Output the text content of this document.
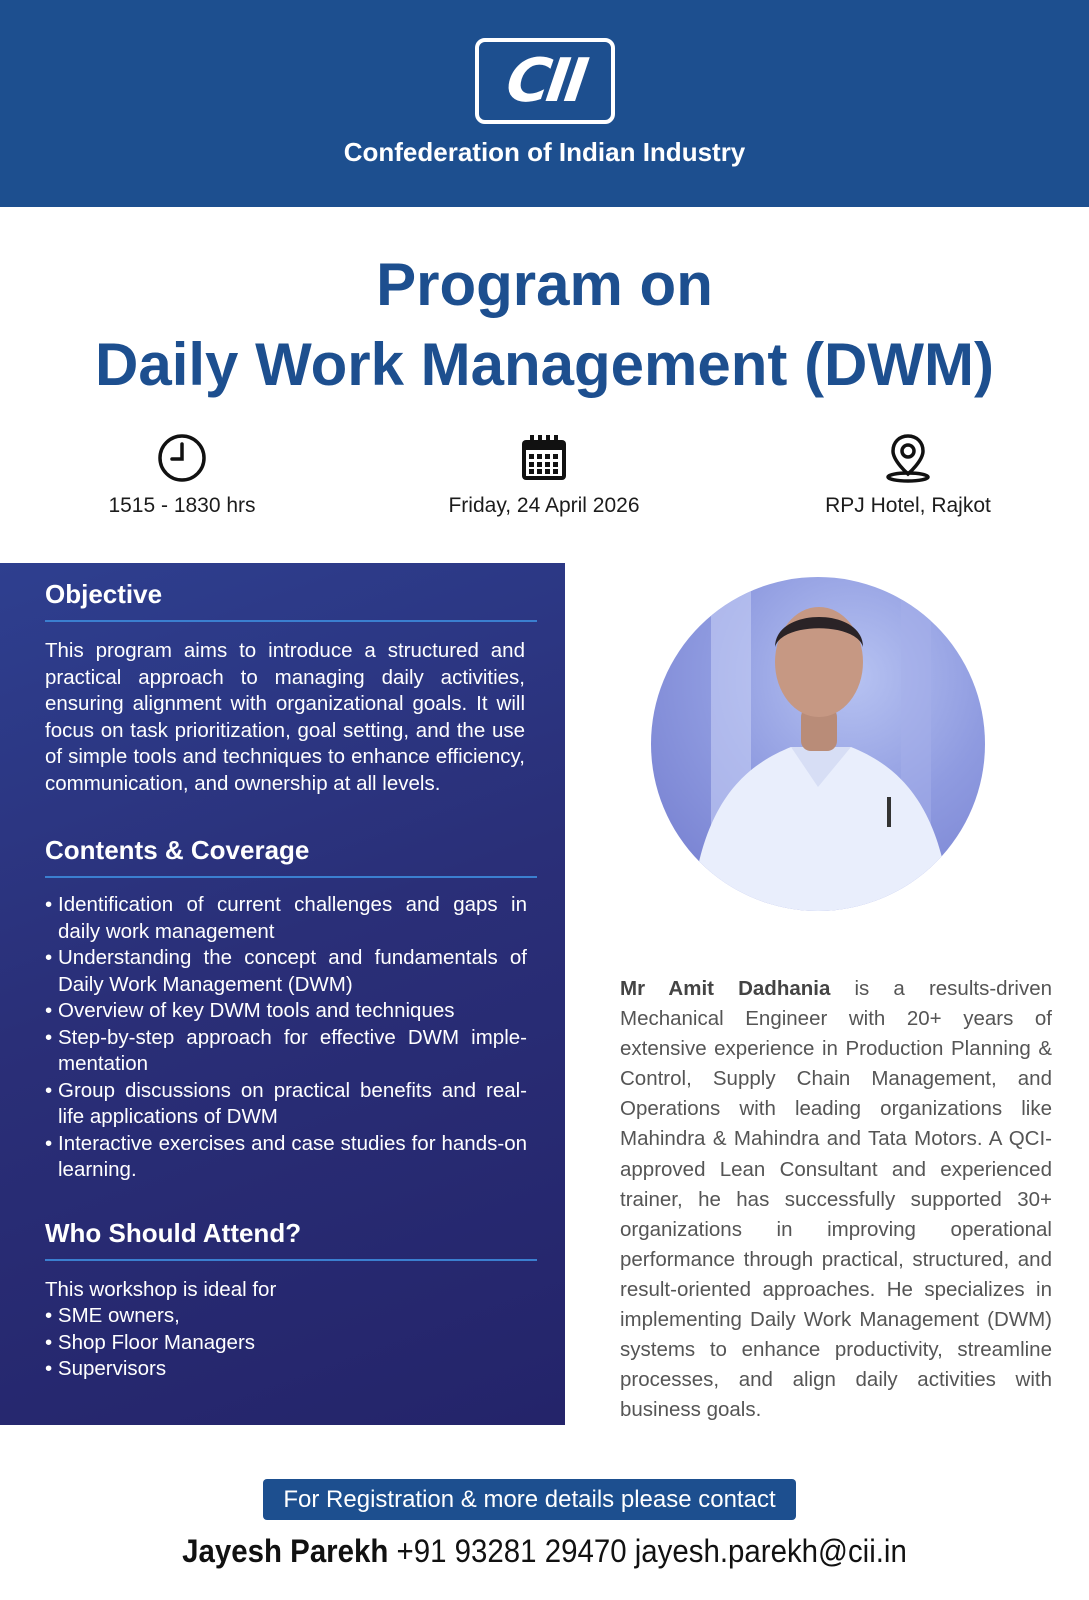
CII
Confederation of Indian Industry
Program on
Daily Work Management (DWM)
1515 - 1830 hrs	Friday, 24 April 2026	RPJ Hotel, Rajkot
Objective

This program aims to introduce a structured and practical approach to managing daily activities, ensuring alignment with organizational goals. It will focus on task prioritization, goal setting, and the use of simple tools and techniques to enhance efficiency, communication, and ownership at all levels.

Contents & Coverage
• Identification of current challenges and gaps in daily work management
• Understanding the concept and fundamentals of Daily Work Management (DWM)
• Overview of key DWM tools and techniques
• Step-by-step approach for effective DWM imple-mentation
• Group discussions on practical benefits and real-life applications of DWM
• Interactive exercises and case studies for hands-on learning.
Who Should Attend?
This workshop is ideal for
• SME owners,
• Shop Floor Managers
• Supervisors

Mr Amit Dadhania is a results-driven Mechanical Engineer with 20+ years of extensive experience in Production Planning & Control, Supply Chain Management, and Operations with leading organizations like Mahindra & Mahindra and Tata Motors. A QCI-approved Lean Consultant and experienced trainer, he has successfully supported 30+ organizations in improving operational performance through practical, structured, and result-oriented approaches. He specializes in implementing Daily Work Management (DWM) systems to enhance productivity, streamline processes, and align daily activities with business goals.

For Registration & more details please contact
Jayesh Parekh +91 93281 29470 jayesh.parekh@cii.in
